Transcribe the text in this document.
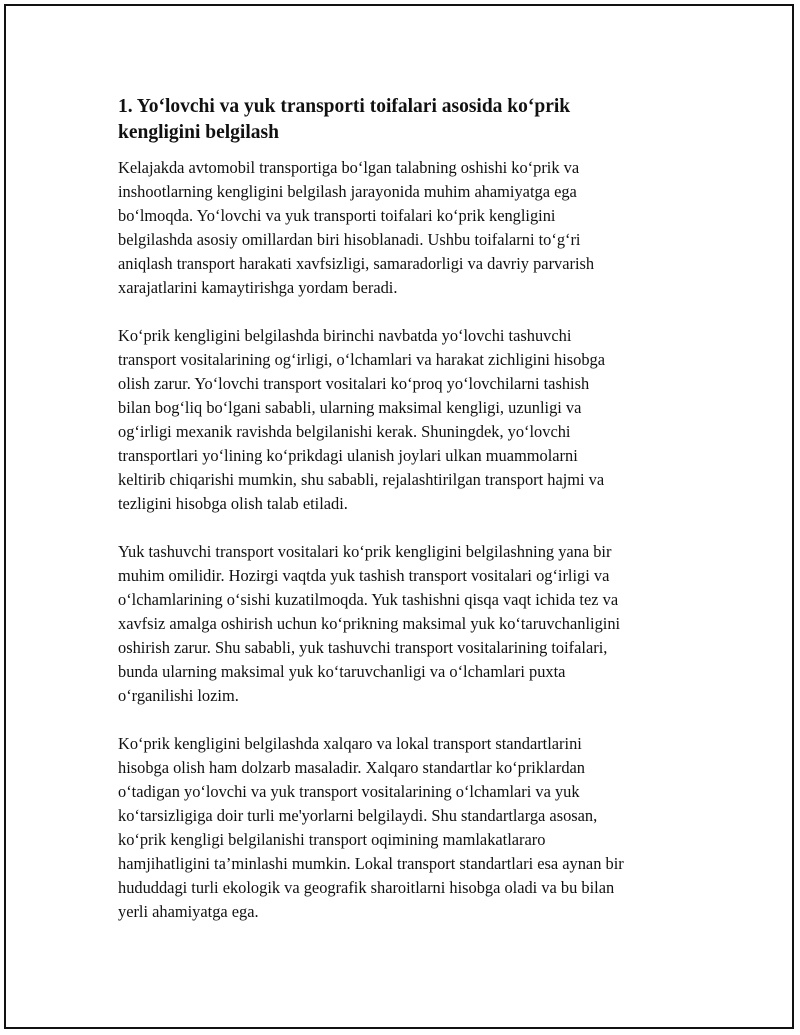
1. Yo‘lovchi va yuk transporti toifalari asosida ko‘prik
kengligini belgilash

Kelajakda avtomobil transportiga bo‘lgan talabning oshishi ko‘prik va
inshootlarning kengligini belgilash jarayonida muhim ahamiyatga ega
bo‘lmoqda. Yo‘lovchi va yuk transporti toifalari ko‘prik kengligini
belgilashda asosiy omillardan biri hisoblanadi. Ushbu toifalarni to‘g‘ri
aniqlash transport harakati xavfsizligi, samaradorligi va davriy parvarish
xarajatlarini kamaytirishga yordam beradi.

Ko‘prik kengligini belgilashda birinchi navbatda yo‘lovchi tashuvchi
transport vositalarining og‘irligi, o‘lchamlari va harakat zichligini hisobga
olish zarur. Yo‘lovchi transport vositalari ko‘proq yo‘lovchilarni tashish
bilan bog‘liq bo‘lgani sababli, ularning maksimal kengligi, uzunligi va
og‘irligi mexanik ravishda belgilanishi kerak. Shuningdek, yo‘lovchi
transportlari yo‘lining ko‘prikdagi ulanish joylari ulkan muammolarni
keltirib chiqarishi mumkin, shu sababli, rejalashtirilgan transport hajmi va
tezligini hisobga olish talab etiladi.

Yuk tashuvchi transport vositalari ko‘prik kengligini belgilashning yana bir
muhim omilidir. Hozirgi vaqtda yuk tashish transport vositalari og‘irligi va
o‘lchamlarining o‘sishi kuzatilmoqda. Yuk tashishni qisqa vaqt ichida tez va
xavfsiz amalga oshirish uchun ko‘prikning maksimal yuk ko‘taruvchanligini
oshirish zarur. Shu sababli, yuk tashuvchi transport vositalarining toifalari,
bunda ularning maksimal yuk ko‘taruvchanligi va o‘lchamlari puxta
o‘rganilishi lozim.

Ko‘prik kengligini belgilashda xalqaro va lokal transport standartlarini
hisobga olish ham dolzarb masaladir. Xalqaro standartlar ko‘priklardan
o‘tadigan yo‘lovchi va yuk transport vositalarining o‘lchamlari va yuk
ko‘tarsizligiga doir turli me'yorlarni belgilaydi. Shu standartlarga asosan,
ko‘prik kengligi belgilanishi transport oqimining mamlakatlararo
hamjihatligini ta’minlashi mumkin. Lokal transport standartlari esa aynan bir
hududdagi turli ekologik va geografik sharoitlarni hisobga oladi va bu bilan
yerli ahamiyatga ega.
